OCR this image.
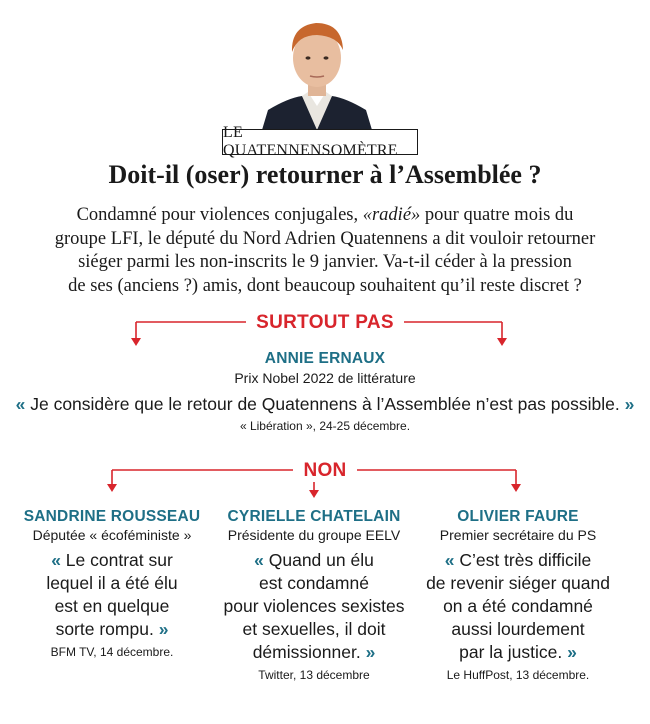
LE QUATENNENSOMÈTRE
Doit-il (oser) retourner à l’Assemblée ?
Condamné pour violences conjugales, «radié» pour quatre mois du
groupe LFI, le député du Nord Adrien Quatennens a dit vouloir retourner
siéger parmi les non-inscrits le 9 janvier. Va-t-il céder à la pression
de ses (anciens ?) amis, dont beaucoup souhaitent qu’il reste discret ?
SURTOUT PAS
NON
ANNIE ERNAUX
Prix Nobel 2022 de littérature
« Je considère que le retour de Quatennens à l’Assemblée n’est pas possible. »
« Libération », 24-25 décembre.
SANDRINE ROUSSEAU
Députée « écoféministe »
« Le contrat sur
lequel il a été élu
est en quelque
sorte rompu. »
BFM TV, 14 décembre.
CYRIELLE CHATELAIN
Présidente du groupe EELV
« Quand un élu
est condamné
pour violences sexistes
et sexuelles, il doit
démissionner. »
Twitter, 13 décembre
OLIVIER FAURE
Premier secrétaire du PS
« C’est très difficile
de revenir siéger quand
on a été condamné
aussi lourdement
par la justice. »
Le HuffPost, 13 décembre.
